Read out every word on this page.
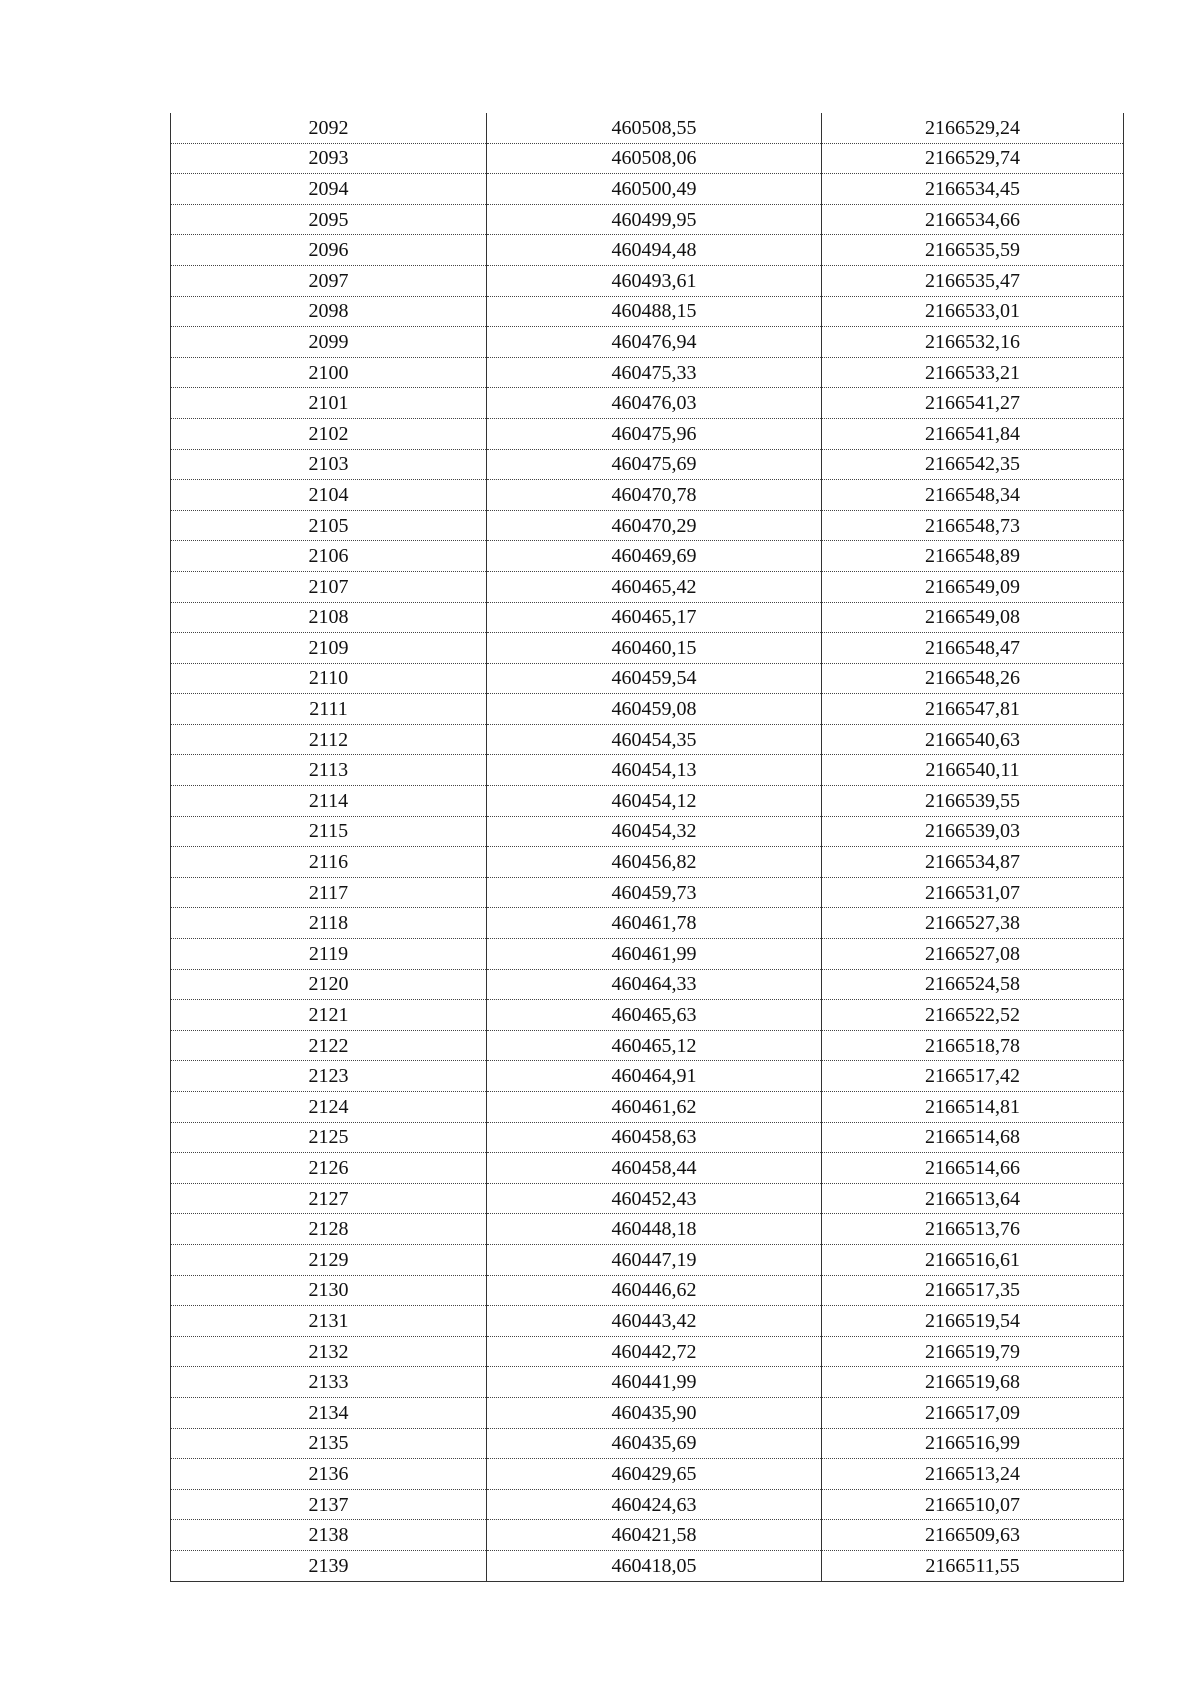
2092	460508,55	2166529,24
2093	460508,06	2166529,74
2094	460500,49	2166534,45
2095	460499,95	2166534,66
2096	460494,48	2166535,59
2097	460493,61	2166535,47
2098	460488,15	2166533,01
2099	460476,94	2166532,16
2100	460475,33	2166533,21
2101	460476,03	2166541,27
2102	460475,96	2166541,84
2103	460475,69	2166542,35
2104	460470,78	2166548,34
2105	460470,29	2166548,73
2106	460469,69	2166548,89
2107	460465,42	2166549,09
2108	460465,17	2166549,08
2109	460460,15	2166548,47
2110	460459,54	2166548,26
2111	460459,08	2166547,81
2112	460454,35	2166540,63
2113	460454,13	2166540,11
2114	460454,12	2166539,55
2115	460454,32	2166539,03
2116	460456,82	2166534,87
2117	460459,73	2166531,07
2118	460461,78	2166527,38
2119	460461,99	2166527,08
2120	460464,33	2166524,58
2121	460465,63	2166522,52
2122	460465,12	2166518,78
2123	460464,91	2166517,42
2124	460461,62	2166514,81
2125	460458,63	2166514,68
2126	460458,44	2166514,66
2127	460452,43	2166513,64
2128	460448,18	2166513,76
2129	460447,19	2166516,61
2130	460446,62	2166517,35
2131	460443,42	2166519,54
2132	460442,72	2166519,79
2133	460441,99	2166519,68
2134	460435,90	2166517,09
2135	460435,69	2166516,99
2136	460429,65	2166513,24
2137	460424,63	2166510,07
2138	460421,58	2166509,63
2139	460418,05	2166511,55
